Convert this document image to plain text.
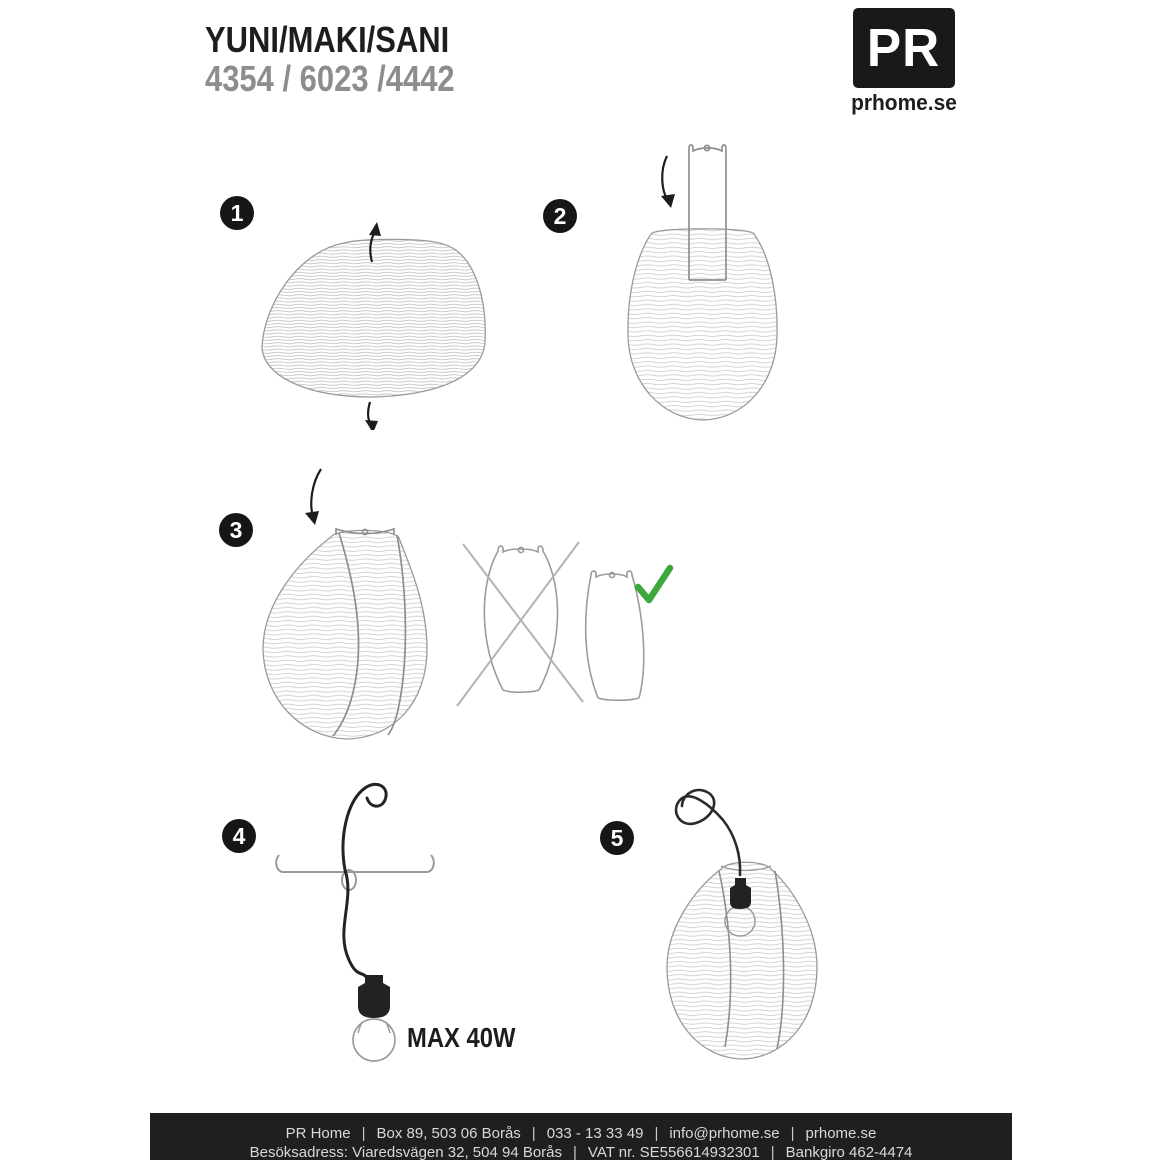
YUNI/MAKI/SANI
4354 / 6023 /4442
PR
prhome.se
1	2
3
4	5
MAX 40W
PR Home | Box 89, 503 06 Borås | 033 - 13 33 49 | info@prhome.se | prhome.se
Besöksadress: Viaredsvägen 32, 504 94 Borås | VAT nr. SE556614932301 | Bankgiro 462-4474
